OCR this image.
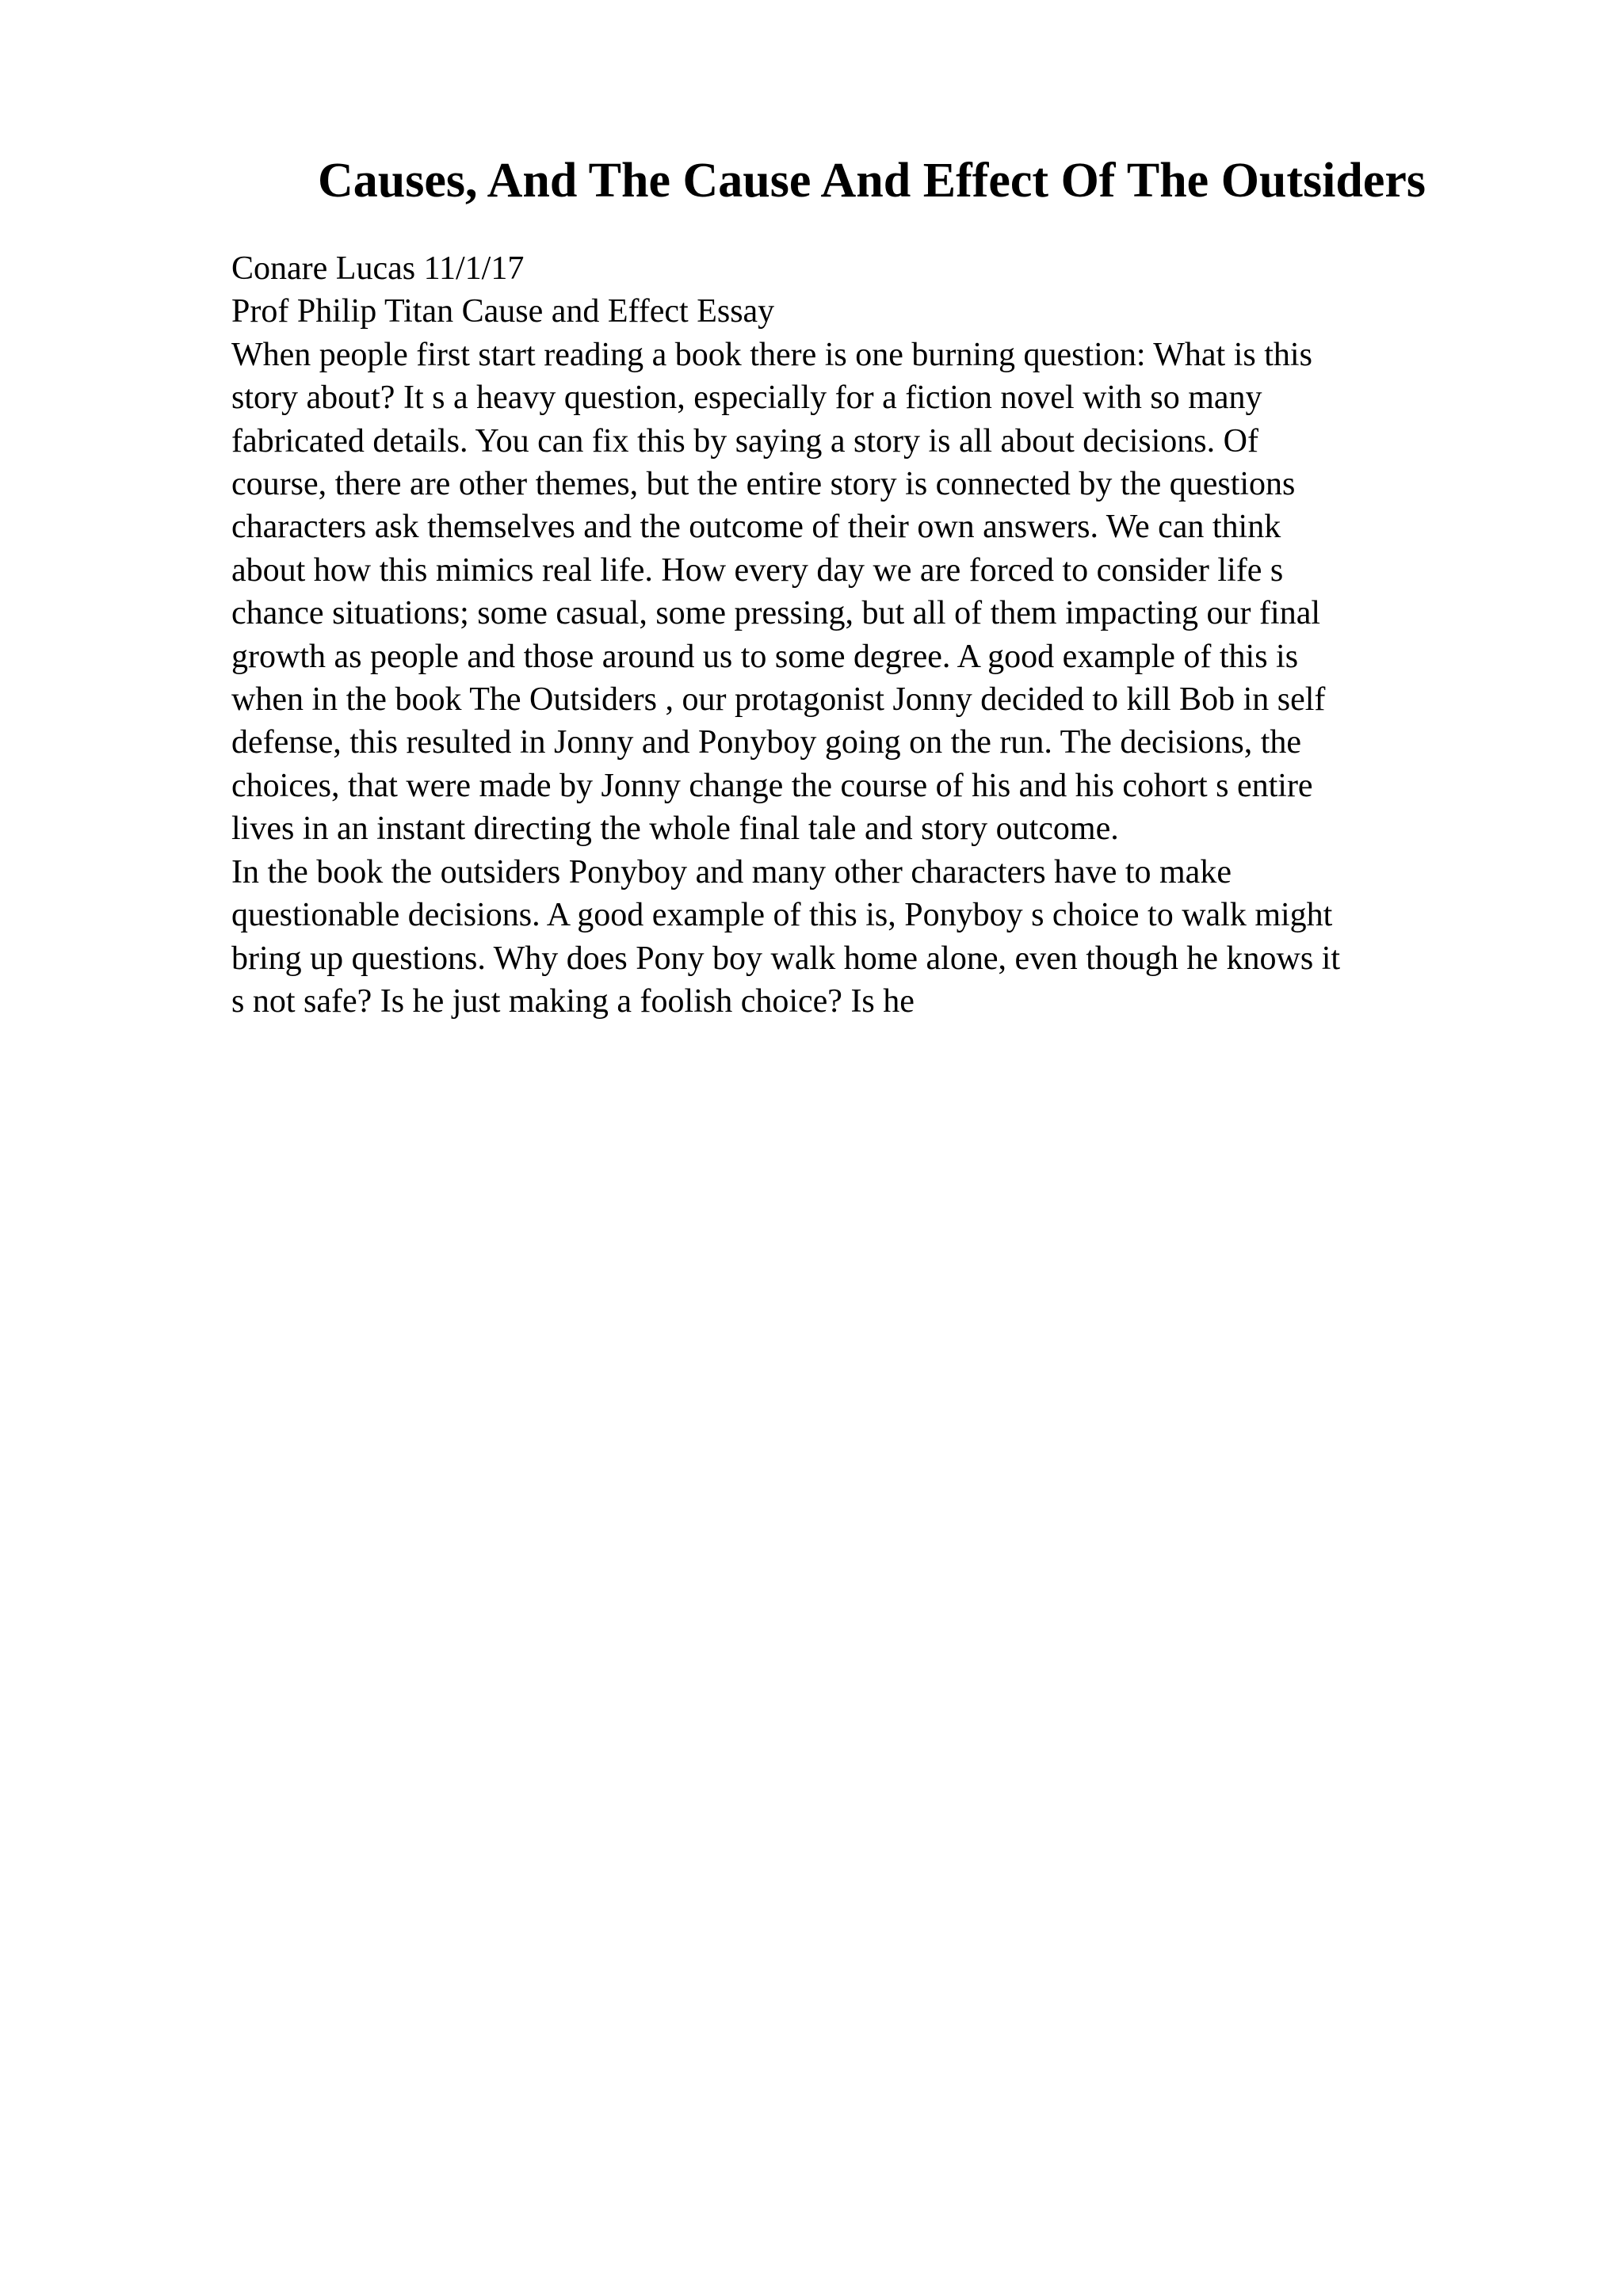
Causes, And The Cause And Effect Of The Outsiders
Conare Lucas 11/1/17
Prof Philip Titan Cause and Effect Essay
When people first start reading a book there is one burning question: What is this
story about? It s a heavy question, especially for a fiction novel with so many
fabricated details. You can fix this by saying a story is all about decisions. Of
course, there are other themes, but the entire story is connected by the questions
characters ask themselves and the outcome of their own answers. We can think
about how this mimics real life. How every day we are forced to consider life s
chance situations; some casual, some pressing, but all of them impacting our final
growth as people and those around us to some degree. A good example of this is
when in the book The Outsiders , our protagonist Jonny decided to kill Bob in self
defense, this resulted in Jonny and Ponyboy going on the run. The decisions, the
choices, that were made by Jonny change the course of his and his cohort s entire
lives in an instant directing the whole final tale and story outcome.
In the book the outsiders Ponyboy and many other characters have to make
questionable decisions. A good example of this is, Ponyboy s choice to walk might
bring up questions. Why does Pony boy walk home alone, even though he knows it
s not safe? Is he just making a foolish choice? Is he
